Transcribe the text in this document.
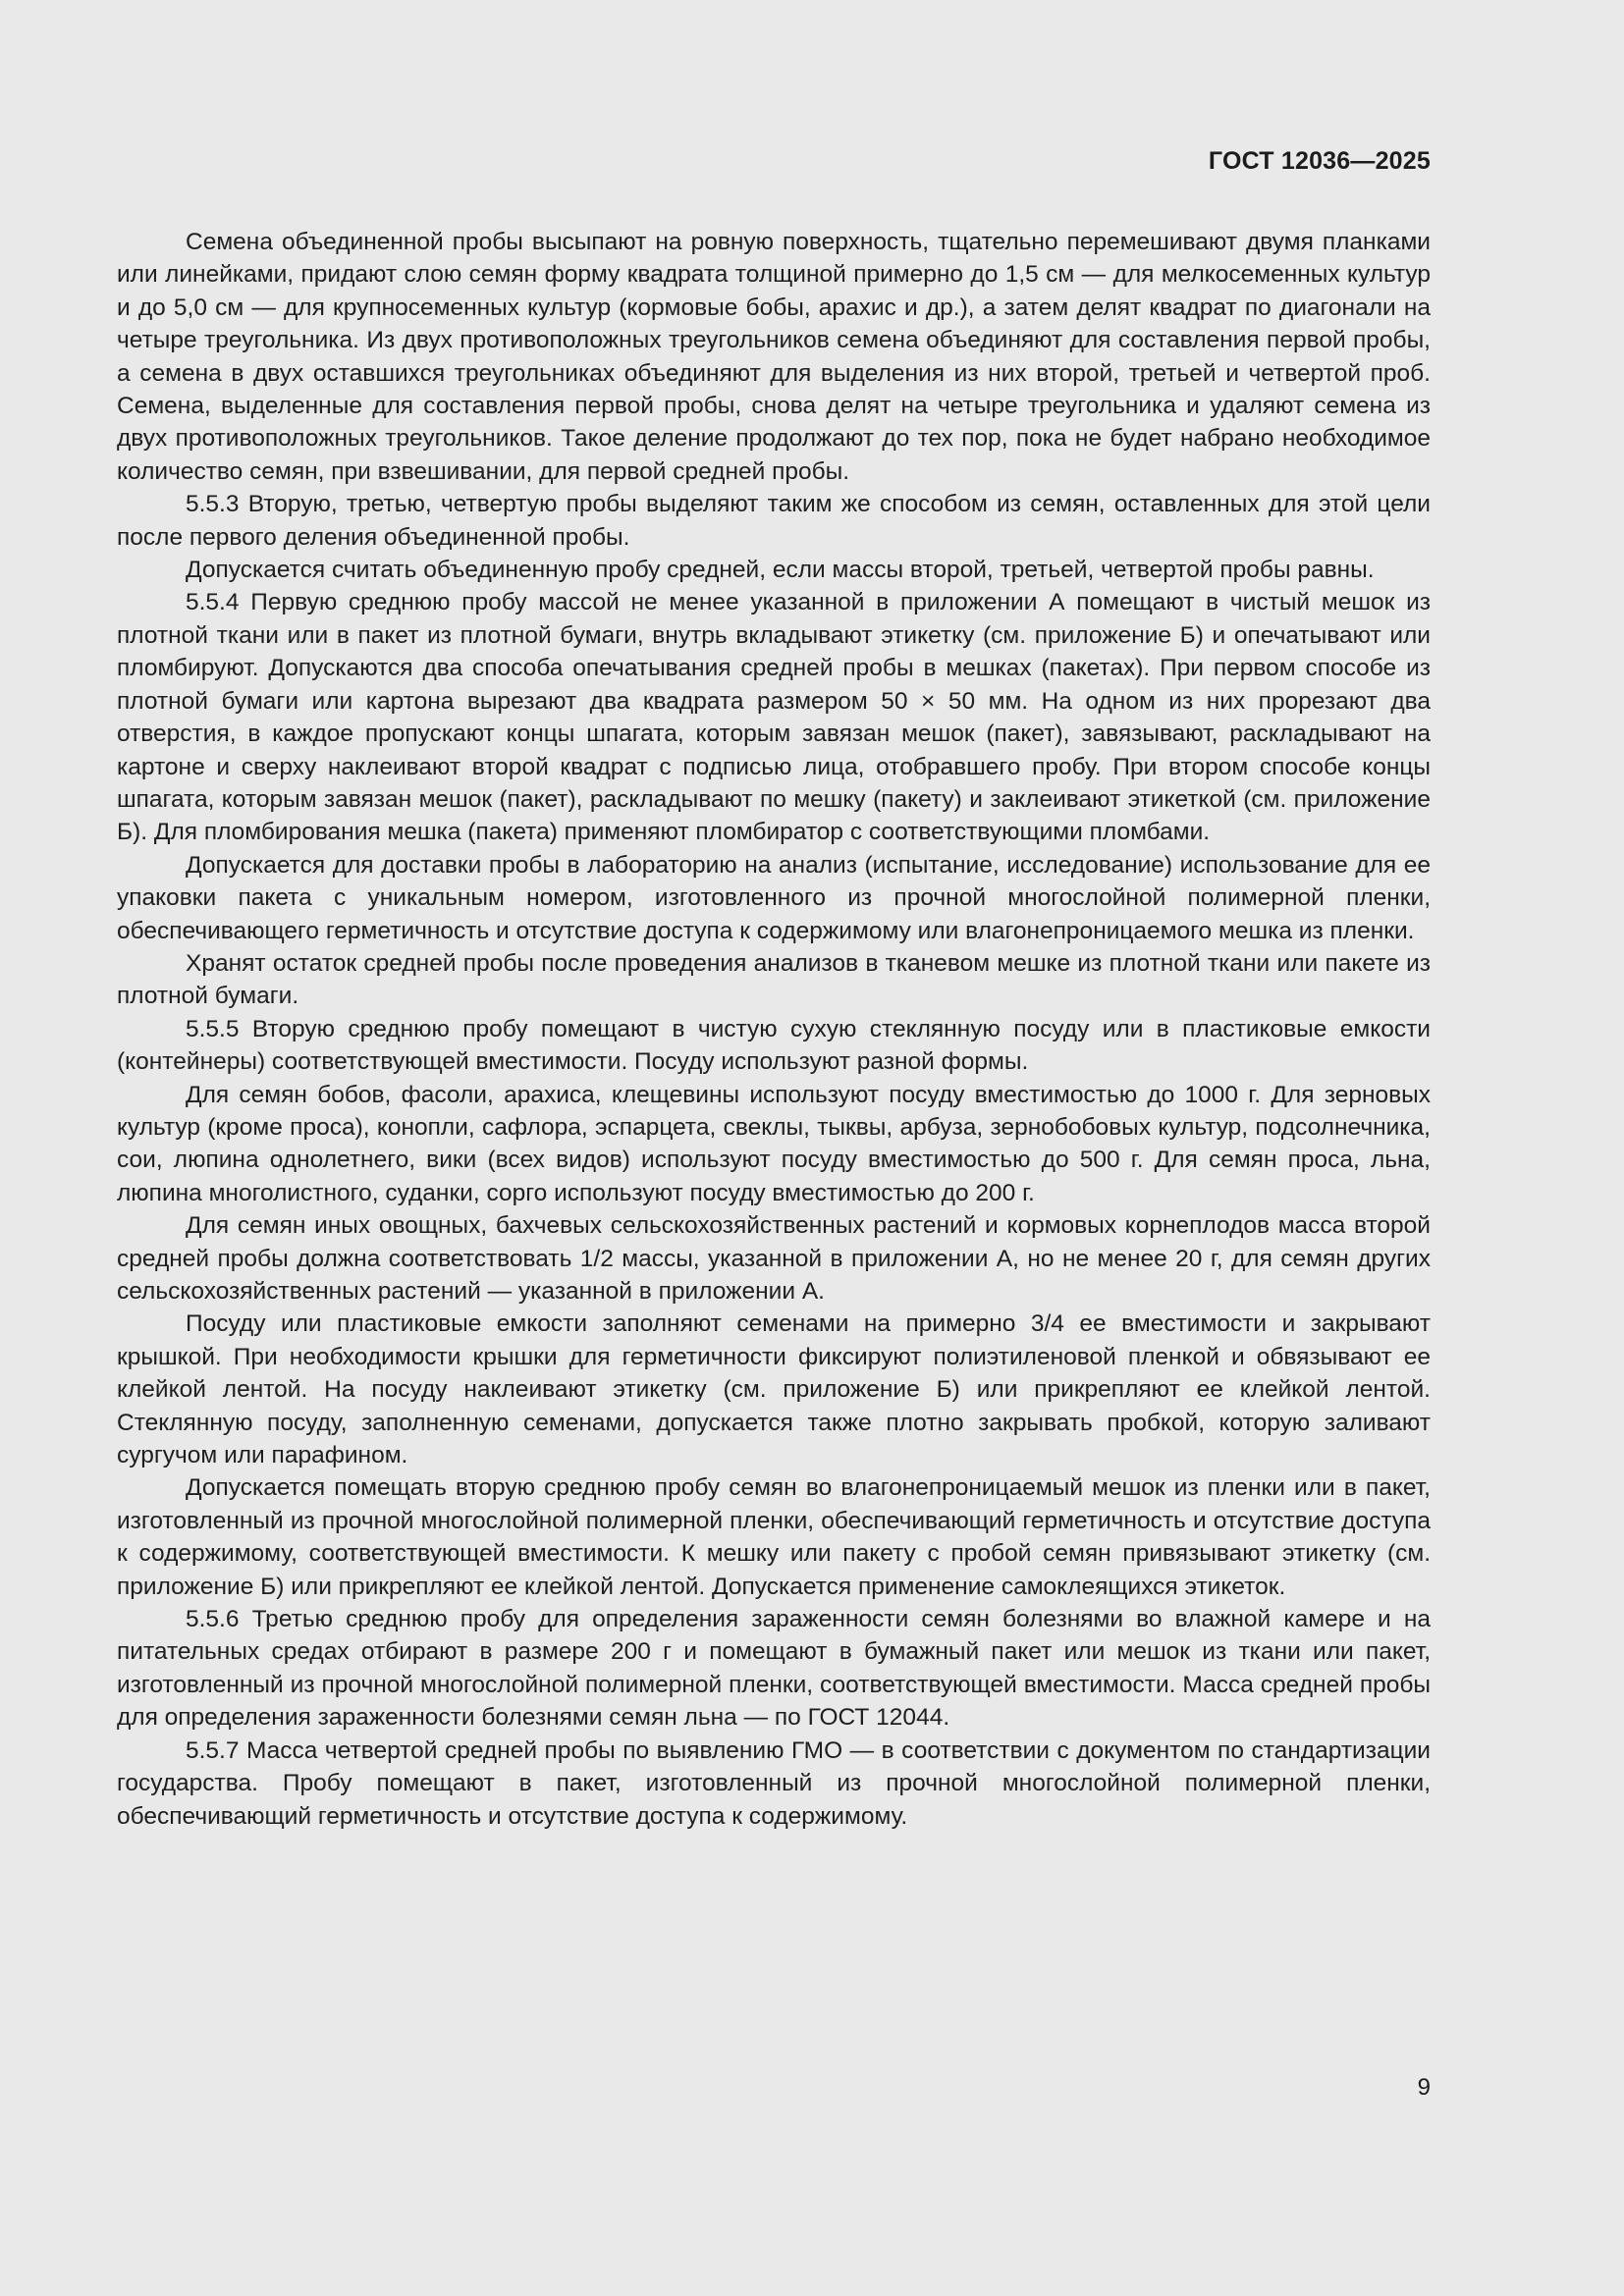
ГОСТ 12036—2025

Семена объединенной пробы высыпают на ровную поверхность, тщательно перемешивают двумя планками или линейками, придают слою семян форму квадрата толщиной примерно до 1,5 см — для мелкосеменных культур и до 5,0 см — для крупносеменных культур (кормовые бобы, арахис и др.), а затем делят квадрат по диагонали на четыре треугольника. Из двух противоположных треугольников семена объединяют для составления первой пробы, а семена в двух оставшихся треугольниках объединяют для выделения из них второй, третьей и четвертой проб. Семена, выделенные для составления первой пробы, снова делят на четыре треугольника и удаляют семена из двух противоположных треугольников. Такое деление продолжают до тех пор, пока не будет набрано необходимое количество семян, при взвешивании, для первой средней пробы.

5.5.3 Вторую, третью, четвертую пробы выделяют таким же способом из семян, оставленных для этой цели после первого деления объединенной пробы.

Допускается считать объединенную пробу средней, если массы второй, третьей, четвертой пробы равны.

5.5.4 Первую среднюю пробу массой не менее указанной в приложении А помещают в чистый мешок из плотной ткани или в пакет из плотной бумаги, внутрь вкладывают этикетку (см. приложение Б) и опечатывают или пломбируют. Допускаются два способа опечатывания средней пробы в мешках (пакетах). При первом способе из плотной бумаги или картона вырезают два квадрата размером 50 × 50 мм. На одном из них прорезают два отверстия, в каждое пропускают концы шпагата, которым завязан мешок (пакет), завязывают, раскладывают на картоне и сверху наклеивают второй квадрат с подписью лица, отобравшего пробу. При втором способе концы шпагата, которым завязан мешок (пакет), раскладывают по мешку (пакету) и заклеивают этикеткой (см. приложение Б). Для пломбирования мешка (пакета) применяют пломбиратор с соответствующими пломбами.

Допускается для доставки пробы в лабораторию на анализ (испытание, исследование) использование для ее упаковки пакета с уникальным номером, изготовленного из прочной многослойной полимерной пленки, обеспечивающего герметичность и отсутствие доступа к содержимому или влагонепроницаемого мешка из пленки.

Хранят остаток средней пробы после проведения анализов в тканевом мешке из плотной ткани или пакете из плотной бумаги.

5.5.5 Вторую среднюю пробу помещают в чистую сухую стеклянную посуду или в пластиковые емкости (контейнеры) соответствующей вместимости. Посуду используют разной формы.

Для семян бобов, фасоли, арахиса, клещевины используют посуду вместимостью до 1000 г. Для зерновых культур (кроме проса), конопли, сафлора, эспарцета, свеклы, тыквы, арбуза, зернобобовых культур, подсолнечника, сои, люпина однолетнего, вики (всех видов) используют посуду вместимостью до 500 г. Для семян проса, льна, люпина многолистного, суданки, сорго используют посуду вместимостью до 200 г.

Для семян иных овощных, бахчевых сельскохозяйственных растений и кормовых корнеплодов масса второй средней пробы должна соответствовать 1/2 массы, указанной в приложении А, но не менее 20 г, для семян других сельскохозяйственных растений — указанной в приложении А.

Посуду или пластиковые емкости заполняют семенами на примерно 3/4 ее вместимости и закрывают крышкой. При необходимости крышки для герметичности фиксируют полиэтиленовой пленкой и обвязывают ее клейкой лентой. На посуду наклеивают этикетку (см. приложение Б) или прикрепляют ее клейкой лентой. Стеклянную посуду, заполненную семенами, допускается также плотно закрывать пробкой, которую заливают сургучом или парафином.

Допускается помещать вторую среднюю пробу семян во влагонепроницаемый мешок из пленки или в пакет, изготовленный из прочной многослойной полимерной пленки, обеспечивающий герметичность и отсутствие доступа к содержимому, соответствующей вместимости. К мешку или пакету с пробой семян привязывают этикетку (см. приложение Б) или прикрепляют ее клейкой лентой. Допускается применение самоклеящихся этикеток.

5.5.6 Третью среднюю пробу для определения зараженности семян болезнями во влажной камере и на питательных средах отбирают в размере 200 г и помещают в бумажный пакет или мешок из ткани или пакет, изготовленный из прочной многослойной полимерной пленки, соответствующей вместимости. Масса средней пробы для определения зараженности болезнями семян льна — по ГОСТ 12044.

5.5.7 Масса четвертой средней пробы по выявлению ГМО — в соответствии с документом по стандартизации государства. Пробу помещают в пакет, изготовленный из прочной многослойной полимерной пленки, обеспечивающий герметичность и отсутствие доступа к содержимому.

9
